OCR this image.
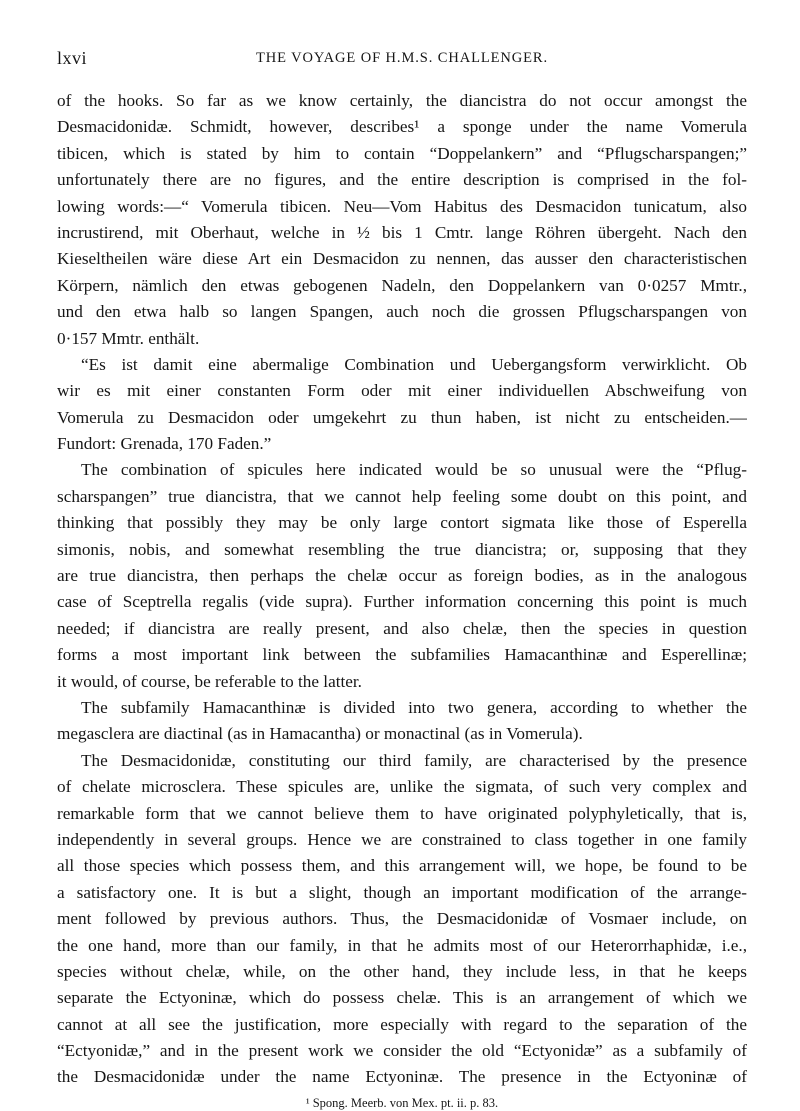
lxvi	THE VOYAGE OF H.M.S. CHALLENGER.
of the hooks. So far as we know certainly, the diancistra do not occur amongst the
Desmacidonidæ. Schmidt, however, describes¹ a sponge under the name Vomerula
tibicen, which is stated by him to contain “Doppelankern” and “Pflugscharspangen;”
unfortunately there are no figures, and the entire description is comprised in the fol-
lowing words:—“ Vomerula tibicen. Neu—Vom Habitus des Desmacidon tunicatum, also
incrustirend, mit Oberhaut, welche in ½ bis 1 Cmtr. lange Röhren übergeht. Nach den
Kieseltheilen wäre diese Art ein Desmacidon zu nennen, das ausser den characteristischen
Körpern, nämlich den etwas gebogenen Nadeln, den Doppelankern van 0·0257 Mmtr.,
und den etwa halb so langen Spangen, auch noch die grossen Pflugscharspangen von
0·157 Mmtr. enthält.
“Es ist damit eine abermalige Combination und Uebergangsform verwirklicht. Ob
wir es mit einer constanten Form oder mit einer individuellen Abschweifung von
Vomerula zu Desmacidon oder umgekehrt zu thun haben, ist nicht zu entscheiden.—
Fundort: Grenada, 170 Faden.”
The combination of spicules here indicated would be so unusual were the “Pflug-
scharspangen” true diancistra, that we cannot help feeling some doubt on this point, and
thinking that possibly they may be only large contort sigmata like those of Esperella
simonis, nobis, and somewhat resembling the true diancistra; or, supposing that they
are true diancistra, then perhaps the chelæ occur as foreign bodies, as in the analogous
case of Sceptrella regalis (vide supra). Further information concerning this point is much
needed; if diancistra are really present, and also chelæ, then the species in question
forms a most important link between the subfamilies Hamacanthinæ and Esperellinæ;
it would, of course, be referable to the latter.
The subfamily Hamacanthinæ is divided into two genera, according to whether the
megasclera are diactinal (as in Hamacantha) or monactinal (as in Vomerula).
The Desmacidonidæ, constituting our third family, are characterised by the presence
of chelate microsclera. These spicules are, unlike the sigmata, of such very complex and
remarkable form that we cannot believe them to have originated polyphyletically, that is,
independently in several groups. Hence we are constrained to class together in one family
all those species which possess them, and this arrangement will, we hope, be found to be
a satisfactory one. It is but a slight, though an important modification of the arrange-
ment followed by previous authors. Thus, the Desmacidonidæ of Vosmaer include, on
the one hand, more than our family, in that he admits most of our Heterorrhaphidæ, i.e.,
species without chelæ, while, on the other hand, they include less, in that he keeps
separate the Ectyoninæ, which do possess chelæ. This is an arrangement of which we
cannot at all see the justification, more especially with regard to the separation of the
“Ectyonidæ,” and in the present work we consider the old “Ectyonidæ” as a subfamily of
the Desmacidonidæ under the name Ectyoninæ. The presence in the Ectyoninæ of
¹ Spong. Meerb. von Mex. pt. ii. p. 83.
